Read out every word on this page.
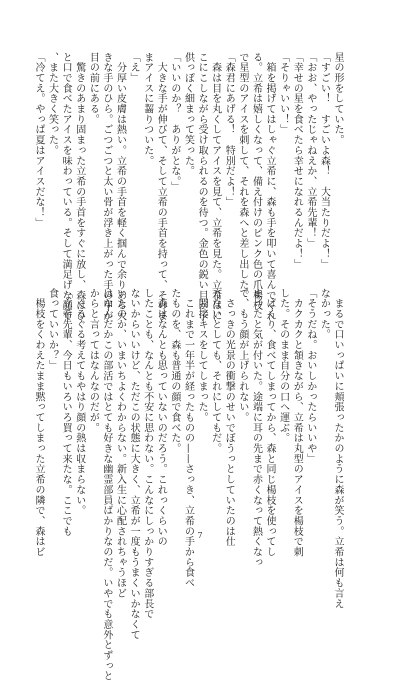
星の形をしていた。
「すごい！　すごいよ森！　大当たりだよ！」
「おお、やったじゃねえか、立希先輩！」
「幸せの星を食べたら幸せになれるんだよ！」
「そりゃいい！」
　箱を掲げてはしゃぐ立希に、森も手を叩いて喜んでくれ
る。立希は嬉しくなって、備え付けのピンク色の爪楊枝
で星型のアイスを刺して、それを森へと差し出した。
「森君にあげる！　特別だよ！」
　森は目を丸くしてアイスを見て、立希を見た。立希はに
こにこしながら受け取られるのを待つ。金色の鋭い目が子
供っぽく細まって笑った。
「いいのか？　ありがとな。」
　大きな手が伸びて、そして立希の手首を持って、そのま
まアイスに齧りついた。
「え」
　分厚い皮膚は熱い。立希の手首を軽く掴んで余りある大
きな手のひら。ごつごつと太い骨が浮き上がった手の甲が
目の前にある。
　驚きのあまり固まった立希の手首をすぐに放し、森はひ
と口で食べたアイスを味わっている。そして満足げな顔で
、また大きく笑った。
「冷てえ。やっぱ夏はアイスだな！」
　まるで口いっぱいに頬張ったかのように森が笑う。立希は何も言え
なかった。
「そうだね。おいしかったらいいや」
　カクカクと頷きながら、立希は丸型のアイスを楊枝で刺
した。そのまま自分の口へ運ぶ。
　ばくり、食べてしまってから、森と同じ楊枝を使ってし
まったと気が付いた。途端に耳の先まで赤くなって熱くなっ
て、もう顔が上げられない。
　さっきの光景の衝撃のせいでぼうっとしていたのは仕
方ないとしても、それにしてもだ。
　間接キスをしてしまった。
　これまで一年半が経ったものの——さっき、立希の手から食べ
たものを、森も普通の顔で食べた。
　森はなんとも思っていないのだろう。これっくらいの
したことも、なんとも不安に思わない。こんなにしっかりすぎる部長で
ないからいいけど、ただこの状態に大きく、立希が一度もうまくいかなくて
いたのか、いまいちよくわからない。新入生に心配されちゃうほど
はなんだかこの部活ではとても好きな幽霊部員ばかりなのだ。いやでも意外とずっと
からと言ってはなんなのだが。
　ぐるぐる考えてもやはり顔の熱は収まらない。
「立希先輩、今日もいろいろ買って来たな。ここでも
食っていいか？」
　楊枝をくわえたまま黙ってしまった立希の隣で、森はビ	7
